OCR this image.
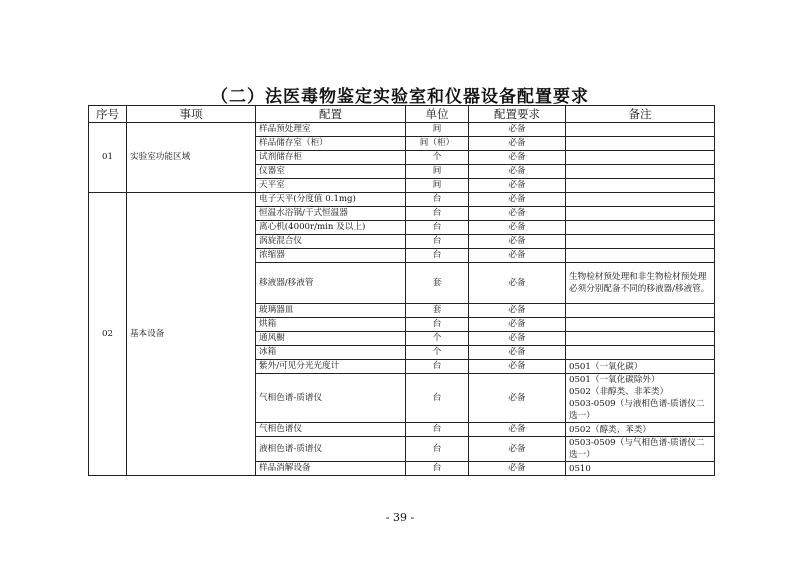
（二）法医毒物鉴定实验室和仪器设备配置要求
序号	事项	配置	单位	配置要求	备注
01	实验室功能区域	样品预处理室	间	必备	
		样品储存室（柜）	间（柜）	必备	
		试剂储存柜	个	必备	
		仪器室	间	必备	
		天平室	间	必备	
02	基本设备	电子天平(分度值 0.1mg)	台	必备	
		恒温水浴锅/干式恒温器	台	必备	
		离心机(4000r/min 及以上)	台	必备	
		涡旋混合仪	台	必备	
		浓缩器	台	必备	
		移液器/移液管	套	必备	生物检材预处理和非生物检材预处理必须分别配备不同的移液器/移液管。
		玻璃器皿	套	必备	
		烘箱	台	必备	
		通风橱	个	必备	
		冰箱	个	必备	
		紫外/可见分光光度计	台	必备	0501（一氧化碳）
		气相色谱-质谱仪	台	必备	0501（一氧化碳除外）
0502（非醇类、非苯类）
0503-0509（与液相色谱-质谱仪二选一）
		气相色谱仪	台	必备	0502（醇类、苯类）
		液相色谱-质谱仪	台	必备	0503-0509（与气相色谱-质谱仪二选一）
		样品消解设备	台	必备	0510
- 39 -
